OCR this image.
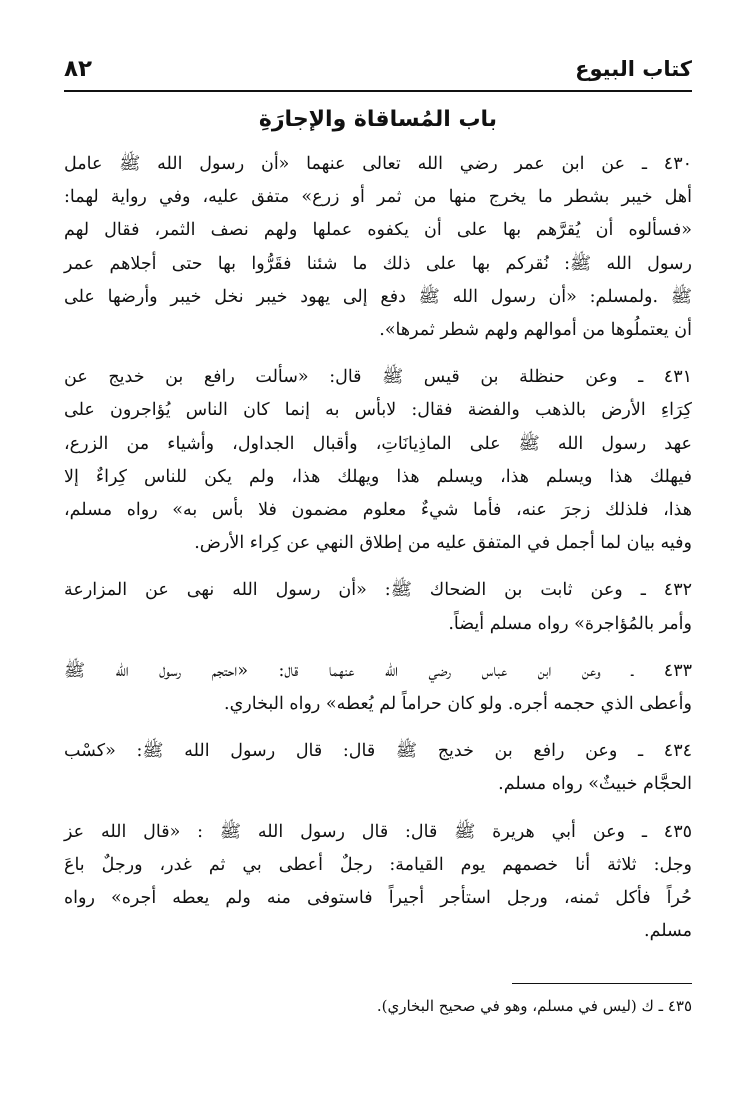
كتاب البيوع
٨٢
باب المُساقاة والإجارَةِ

٤٣٠ ـ عن ابن عمر رضي الله تعالى عنهما «أن رسول الله ﷺ عامل
أهل خيبر بشطر ما يخرج منها من ثمر أو زرع» متفق عليه، وفي رواية لهما:
«فسألوه أن يُقرَّهم بها على أن يكفوه عملها ولهم نصف الثمر، فقال لهم
رسول الله ﷺ: نُقركم بها على ذلك ما شئنا فقَرُّوا بها حتى أجلاهم عمر
ﷺ .ولمسلم: «أن رسول الله ﷺ دفع إلى يهود خيبر نخل خيبر وأرضها على
أن يعتملُوها من أموالهم ولهم شطر ثمرها».

٤٣١ ـ وعن حنظلة بن قيس ﷺ قال: «سألت رافع بن خديج عن
كِرَاءِ الأرض بالذهب والفضة فقال: لابأس به إنما كان الناس يُؤاجرون على
عهد رسول الله ﷺ على الماذِيانَاتِ، وأقبال الجداول، وأشياء من الزرع،
فيهلك هذا ويسلم هذا، ويسلم هذا ويهلك هذا، ولم يكن للناس كِراءٌ إلا
هذا، فلذلك زجرَ عنه، فأما شيءٌ معلوم مضمون فلا بأس به» رواه مسلم،
وفيه بيان لما أجمل في المتفق عليه من إطلاق النهي عن كِراء الأرض.

٤٣٢ ـ وعن ثابت بن الضحاك ﷺ: «أن رسول الله نهى عن المزارعة
وأمر بالمُؤاجرة» رواه مسلم أيضاً.

٤٣٣ ـ وعن ابن عباس رضي الله عنهما قال: «احتجم رسول الله ﷺ
وأعطى الذي حجمه أجره. ولو كان حراماً لم يُعطه» رواه البخاري.

٤٣٤ ـ وعن رافع بن خديج ﷺ قال: قال رسول الله ﷺ: «كسْب
الحجَّام خبيثٌ» رواه مسلم.

٤٣٥ ـ وعن أبي هريرة ﷺ قال: قال رسول الله ﷺ : «قال الله عز
وجل: ثلاثة أنا خصمهم يوم القيامة: رجلٌ أعطى بي ثم غدر، ورجلٌ باعَ
حُراً فأكل ثمنه، ورجل استأجر أجيراً فاستوفى منه ولم يعطه أجره» رواه
مسلم.

٤٣٥ ـ ك (ليس في مسلم، وهو في صحيح البخاري).
